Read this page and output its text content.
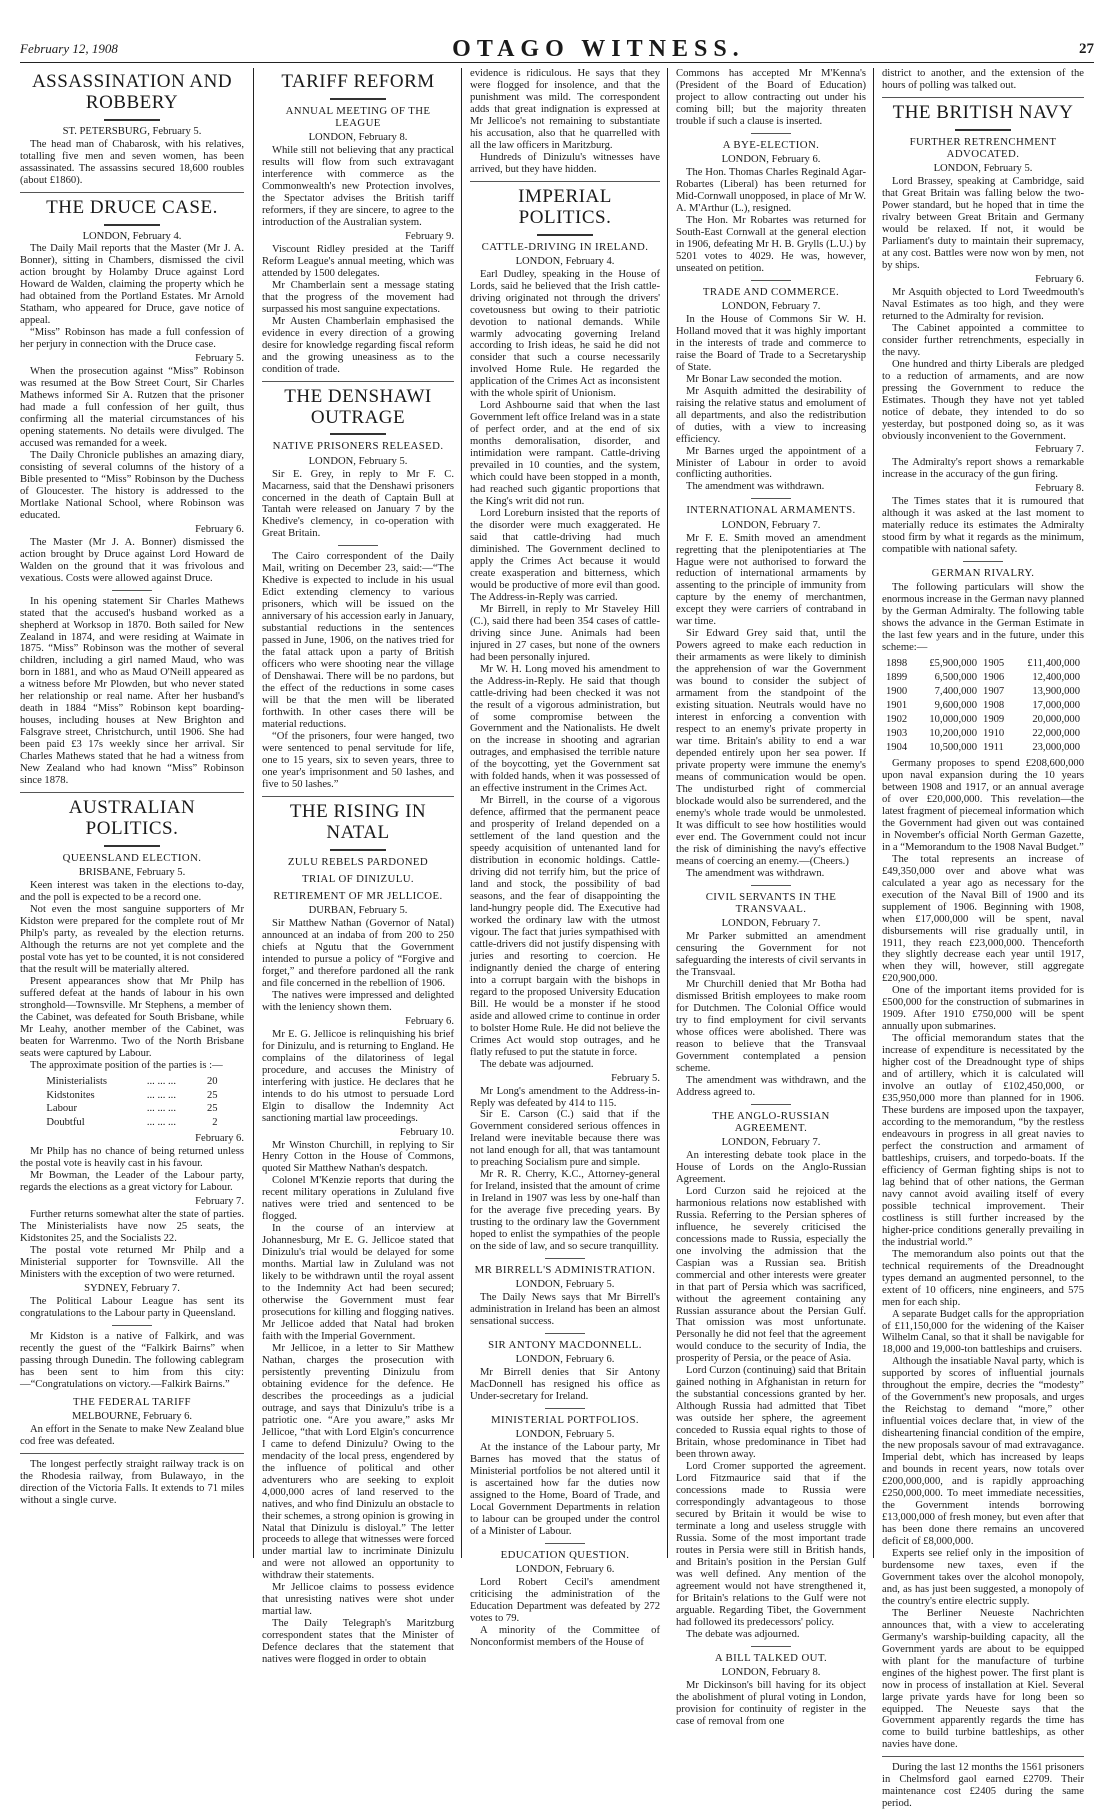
February 12, 1908	OTAGO WITNESS.	27
ASSASSINATION AND ROBBERY
ST. PETERSBURG, February 5.

The head man of Chabarosk, with his relatives, totalling five men and seven women, has been assassinated. The assassins secured 18,600 roubles (about £1860).

THE DRUCE CASE.
LONDON, February 4.

The Daily Mail reports that the Master (Mr J. A. Bonner), sitting in Chambers, dismissed the civil action brought by Holamby Druce against Lord Howard de Walden, claiming the property which he had obtained from the Portland Estates. Mr Arnold Statham, who appeared for Druce, gave notice of appeal.

“Miss” Robinson has made a full confession of her perjury in connection with the Druce case.

February 5.

When the prosecution against “Miss” Robinson was resumed at the Bow Street Court, Sir Charles Mathews informed Sir A. Rutzen that the prisoner had made a full confession of her guilt, thus confirming all the material circumstances of his opening statements. No details were divulged. The accused was remanded for a week.

The Daily Chronicle publishes an amazing diary, consisting of several columns of the history of a Bible presented to “Miss” Robinson by the Duchess of Gloucester. The history is addressed to the Mortlake National School, where Robinson was educated.

February 6.

The Master (Mr J. A. Bonner) dismissed the action brought by Druce against Lord Howard de Walden on the ground that it was frivolous and vexatious. Costs were allowed against Druce.

In his opening statement Sir Charles Mathews stated that the accused's husband worked as a shepherd at Worksop in 1870. Both sailed for New Zealand in 1874, and were residing at Waimate in 1875. “Miss” Robinson was the mother of several children, including a girl named Maud, who was born in 1881, and who as Maud O'Neill appeared as a witness before Mr Plowden, but who never stated her relationship or real name. After her husband's death in 1884 “Miss” Robinson kept boarding-houses, including houses at New Brighton and Falsgrave street, Christchurch, until 1906. She had been paid £3 17s weekly since her arrival. Sir Charles Mathews stated that he had a witness from New Zealand who had known “Miss” Robinson since 1878.

AUSTRALIAN POLITICS.
QUEENSLAND ELECTION.
BRISBANE, February 5.

Keen interest was taken in the elections to-day, and the poll is expected to be a record one.

Not even the most sanguine supporters of Mr Kidston were prepared for the complete rout of Mr Philp's party, as revealed by the election returns. Although the returns are not yet complete and the postal vote has yet to be counted, it is not considered that the result will be materially altered.

Present appearances show that Mr Philp has suffered defeat at the hands of labour in his own stronghold—Townsville. Mr Stephens, a member of the Cabinet, was defeated for South Brisbane, while Mr Leahy, another member of the Cabinet, was beaten for Warrenmo. Two of the North Brisbane seats were captured by Labour.

The approximate position of the parties is :—

Ministerialists	... ... ...	20
Kidstonites	... ... ...	25
Labour	... ... ...	25
Doubtful	... ... ...	2
February 6.

Mr Philp has no chance of being returned unless the postal vote is heavily cast in his favour.

Mr Bowman, the Leader of the Labour party, regards the elections as a great victory for Labour.

February 7.

Further returns somewhat alter the state of parties. The Ministerialists have now 25 seats, the Kidstonites 25, and the Socialists 22.

The postal vote returned Mr Philp and a Ministerial supporter for Townsville. All the Ministers with the exception of two were returned.

SYDNEY, February 7.

The Political Labour League has sent its congratulations to the Labour party in Queensland.

Mr Kidston is a native of Falkirk, and was recently the guest of the “Falkirk Bairns” when passing through Dunedin. The following cablegram has been sent to him from this city:—“Congratulations on victory.—Falkirk Bairns.”

THE FEDERAL TARIFF
MELBOURNE, February 6.

An effort in the Senate to make New Zealand blue cod free was defeated.

The longest perfectly straight railway track is on the Rhodesia railway, from Bulawayo, in the direction of the Victoria Falls. It extends to 71 miles without a single curve.

TARIFF REFORM
ANNUAL MEETING OF THE LEAGUE
LONDON, February 8.

While still not believing that any practical results will flow from such extravagant interference with commerce as the Commonwealth's new Protection involves, the Spectator advises the British tariff reformers, if they are sincere, to agree to the introduction of the Australian system.

February 9.

Viscount Ridley presided at the Tariff Reform League's annual meeting, which was attended by 1500 delegates.

Mr Chamberlain sent a message stating that the progress of the movement had surpassed his most sanguine expectations.

Mr Austen Chamberlain emphasised the evidence in every direction of a growing desire for knowledge regarding fiscal reform and the growing uneasiness as to the condition of trade.

THE DENSHAWI OUTRAGE
NATIVE PRISONERS RELEASED.
LONDON, February 5.

Sir E. Grey, in reply to Mr F. C. Macarness, said that the Denshawi prisoners concerned in the death of Captain Bull at Tantah were released on January 7 by the Khedive's clemency, in co-operation with Great Britain.

The Cairo correspondent of the Daily Mail, writing on December 23, said:—“The Khedive is expected to include in his usual Edict extending clemency to various prisoners, which will be issued on the anniversary of his accession early in January, substantial reductions in the sentences passed in June, 1906, on the natives tried for the fatal attack upon a party of British officers who were shooting near the village of Denshawai. There will be no pardons, but the effect of the reductions in some cases will be that the men will be liberated forthwith. In other cases there will be material reductions.

“Of the prisoners, four were hanged, two were sentenced to penal servitude for life, one to 15 years, six to seven years, three to one year's imprisonment and 50 lashes, and five to 50 lashes.”

THE RISING IN NATAL
ZULU REBELS PARDONED
TRIAL OF DINIZULU.
RETIREMENT OF MR JELLICOE.
DURBAN, February 5.

Sir Matthew Nathan (Governor of Natal) announced at an indaba of from 200 to 250 chiefs at Ngutu that the Government intended to pursue a policy of “Forgive and forget,” and therefore pardoned all the rank and file concerned in the rebellion of 1906.

The natives were impressed and delighted with the leniency shown them.

February 6.

Mr E. G. Jellicoe is relinquishing his brief for Dinizulu, and is returning to England. He complains of the dilatoriness of legal procedure, and accuses the Ministry of interfering with justice. He declares that he intends to do his utmost to persuade Lord Elgin to disallow the Indemnity Act sanctioning martial law proceedings.

February 10.

Mr Winston Churchill, in replying to Sir Henry Cotton in the House of Commons, quoted Sir Matthew Nathan's despatch.

Colonel M'Kenzie reports that during the recent military operations in Zululand five natives were tried and sentenced to be flogged.

In the course of an interview at Johannesburg, Mr E. G. Jellicoe stated that Dinizulu's trial would be delayed for some months. Martial law in Zululand was not likely to be withdrawn until the royal assent to the Indemnity Act had been secured; otherwise the Government must fear prosecutions for killing and flogging natives. Mr Jellicoe added that Natal had broken faith with the Imperial Government.

Mr Jellicoe, in a letter to Sir Matthew Nathan, charges the prosecution with persistently preventing Dinizulu from obtaining evidence for the defence. He describes the proceedings as a judicial outrage, and says that Dinizulu's tribe is a patriotic one. “Are you aware,” asks Mr Jellicoe, “that with Lord Elgin's concurrence I came to defend Dinizulu? Owing to the mendacity of the local press, engendered by the influence of political and other adventurers who are seeking to exploit 4,000,000 acres of land reserved to the natives, and who find Dinizulu an obstacle to their schemes, a strong opinion is growing in Natal that Dinizulu is disloyal.” The letter proceeds to allege that witnesses were forced under martial law to incriminate Dinizulu and were not allowed an opportunity to withdraw their statements.

Mr Jellicoe claims to possess evidence that unresisting natives were shot under martial law.

The Daily Telegraph's Maritzburg correspondent states that the Minister of Defence declares that the statement that natives were flogged in order to obtain

evidence is ridiculous. He says that they were flogged for insolence, and that the punishment was mild. The correspondent adds that great indignation is expressed at Mr Jellicoe's not remaining to substantiate his accusation, also that he quarrelled with all the law officers in Maritzburg.

Hundreds of Dinizulu's witnesses have arrived, but they have hidden.

IMPERIAL POLITICS.
CATTLE-DRIVING IN IRELAND.
LONDON, February 4.

Earl Dudley, speaking in the House of Lords, said he believed that the Irish cattle-driving originated not through the drivers' covetousness but owing to their patriotic devotion to national demands. While warmly advocating governing Ireland according to Irish ideas, he said he did not consider that such a course necessarily involved Home Rule. He regarded the application of the Crimes Act as inconsistent with the whole spirit of Unionism.

Lord Ashbourne said that when the last Government left office Ireland was in a state of perfect order, and at the end of six months demoralisation, disorder, and intimidation were rampant. Cattle-driving prevailed in 10 counties, and the system, which could have been stopped in a month, had reached such gigantic proportions that the King's writ did not run.

Lord Loreburn insisted that the reports of the disorder were much exaggerated. He said that cattle-driving had much diminished. The Government declined to apply the Crimes Act because it would create exasperation and bitterness, which would be productive of more evil than good. The Address-in-Reply was carried.

Mr Birrell, in reply to Mr Staveley Hill (C.), said there had been 354 cases of cattle-driving since June. Animals had been injured in 27 cases, but none of the owners had been personally injured.

Mr W. H. Long moved his amendment to the Address-in-Reply. He said that though cattle-driving had been checked it was not the result of a vigorous administration, but of some compromise between the Government and the Nationalists. He dwelt on the increase in shooting and agrarian outrages, and emphasised the terrible nature of the boycotting, yet the Government sat with folded hands, when it was possessed of an effective instrument in the Crimes Act.

Mr Birrell, in the course of a vigorous defence, affirmed that the permanent peace and prosperity of Ireland depended on a settlement of the land question and the speedy acquisition of untenanted land for distribution in economic holdings. Cattle-driving did not terrify him, but the price of land and stock, the possibility of bad seasons, and the fear of disappointing the land-hungry people did. The Executive had worked the ordinary law with the utmost vigour. The fact that juries sympathised with cattle-drivers did not justify dispensing with juries and resorting to coercion. He indignantly denied the charge of entering into a corrupt bargain with the bishops in regard to the proposed University Education Bill. He would be a monster if he stood aside and allowed crime to continue in order to bolster Home Rule. He did not believe the Crimes Act would stop outrages, and he flatly refused to put the statute in force.

The debate was adjourned.

February 5.

Mr Long's amendment to the Address-in-Reply was defeated by 414 to 115.

Sir E. Carson (C.) said that if the Government considered serious offences in Ireland were inevitable because there was not land enough for all, that was tantamount to preaching Socialism pure and simple.

Mr R. R. Cherry, K.C., Attorney-general for Ireland, insisted that the amount of crime in Ireland in 1907 was less by one-half than for the average five preceding years. By trusting to the ordinary law the Government hoped to enlist the sympathies of the people on the side of law, and so secure tranquillity.

MR BIRRELL'S ADMINISTRATION.
LONDON, February 5.

The Daily News says that Mr Birrell's administration in Ireland has been an almost sensational success.

SIR ANTONY MACDONNELL.
LONDON, February 6.

Mr Birrell denies that Sir Antony MacDonnell has resigned his office as Under-secretary for Ireland.

MINISTERIAL PORTFOLIOS.
LONDON, February 5.

At the instance of the Labour party, Mr Barnes has moved that the status of Ministerial portfolios be not altered until it is ascertained how far the duties now assigned to the Home, Board of Trade, and Local Government Departments in relation to labour can be grouped under the control of a Minister of Labour.

EDUCATION QUESTION.
LONDON, February 6.

Lord Robert Cecil's amendment criticising the administration of the Education Department was defeated by 272 votes to 79.

A minority of the Committee of Nonconformist members of the House of

Commons has accepted Mr M'Kenna's (President of the Board of Education) project to allow contracting out under his coming bill; but the majority threaten trouble if such a clause is inserted.

A BYE-ELECTION.
LONDON, February 6.

The Hon. Thomas Charles Reginald Agar-Robartes (Liberal) has been returned for Mid-Cornwall unopposed, in place of Mr W. A. M'Arthur (L.), resigned.

The Hon. Mr Robartes was returned for South-East Cornwall at the general election in 1906, defeating Mr H. B. Grylls (L.U.) by 5201 votes to 4029. He was, however, unseated on petition.

TRADE AND COMMERCE.
LONDON, February 7.

In the House of Commons Sir W. H. Holland moved that it was highly important in the interests of trade and commerce to raise the Board of Trade to a Secretaryship of State.

Mr Bonar Law seconded the motion.

Mr Asquith admitted the desirability of raising the relative status and emolument of all departments, and also the redistribution of duties, with a view to increasing efficiency.

Mr Barnes urged the appointment of a Minister of Labour in order to avoid conflicting authorities.

The amendment was withdrawn.

INTERNATIONAL ARMAMENTS.
LONDON, February 7.

Mr F. E. Smith moved an amendment regretting that the plenipotentiaries at The Hague were not authorised to forward the reduction of international armaments by assenting to the principle of immunity from capture by the enemy of merchantmen, except they were carriers of contraband in war time.

Sir Edward Grey said that, until the Powers agreed to make each reduction in their armaments as were likely to diminish the apprehension of war the Government was bound to consider the subject of armament from the standpoint of the existing situation. Neutrals would have no interest in enforcing a convention with respect to an enemy's private property in war time. Britain's ability to end a war depended entirely upon her sea power. If private property were immune the enemy's means of communication would be open. The undisturbed right of commercial blockade would also be surrendered, and the enemy's whole trade would be unmolested. It was difficult to see how hostilities would ever end. The Government could not incur the risk of diminishing the navy's effective means of coercing an enemy.—(Cheers.)

The amendment was withdrawn.

CIVIL SERVANTS IN THE TRANSVAAL.
LONDON, February 7.

Mr Parker submitted an amendment censuring the Government for not safeguarding the interests of civil servants in the Transvaal.

Mr Churchill denied that Mr Botha had dismissed British employees to make room for Dutchmen. The Colonial Office would try to find employment for civil servants whose offices were abolished. There was reason to believe that the Transvaal Government contemplated a pension scheme.

The amendment was withdrawn, and the Address agreed to.

THE ANGLO-RUSSIAN AGREEMENT.
LONDON, February 7.

An interesting debate took place in the House of Lords on the Anglo-Russian Agreement.

Lord Curzon said he rejoiced at the harmonious relations now established with Russia. Referring to the Persian spheres of influence, he severely criticised the concessions made to Russia, especially the one involving the admission that the Caspian was a Russian sea. British commercial and other interests were greater in that part of Persia which was sacrificed, without the agreement containing any Russian assurance about the Persian Gulf. That omission was most unfortunate. Personally he did not feel that the agreement would conduce to the security of India, the prosperity of Persia, or the peace of Asia.

Lord Curzon (continuing) said that Britain gained nothing in Afghanistan in return for the substantial concessions granted by her. Although Russia had admitted that Tibet was outside her sphere, the agreement conceded to Russia equal rights to those of Britain, whose predominance in Tibet had been thrown away.

Lord Cromer supported the agreement. Lord Fitzmaurice said that if the concessions made to Russia were correspondingly advantageous to those secured by Britain it would be wise to terminate a long and useless struggle with Russia. Some of the most important trade routes in Persia were still in British hands, and Britain's position in the Persian Gulf was well defined. Any mention of the agreement would not have strengthened it, for Britain's relations to the Gulf were not arguable. Regarding Tibet, the Government had followed its predecessors' policy.

The debate was adjourned.

A BILL TALKED OUT.
LONDON, February 8.

Mr Dickinson's bill having for its object the abolishment of plural voting in London, provision for continuity of register in the case of removal from one

district to another, and the extension of the hours of polling was talked out.

THE BRITISH NAVY
FURTHER RETRENCHMENT ADVOCATED.
LONDON, February 5.

Lord Brassey, speaking at Cambridge, said that Great Britain was falling below the two-Power standard, but he hoped that in time the rivalry between Great Britain and Germany would be relaxed. If not, it would be Parliament's duty to maintain their supremacy, at any cost. Battles were now won by men, not by ships.

February 6.

Mr Asquith objected to Lord Tweedmouth's Naval Estimates as too high, and they were returned to the Admiralty for revision.

The Cabinet appointed a committee to consider further retrenchments, especially in the navy.

One hundred and thirty Liberals are pledged to a reduction of armaments, and are now pressing the Government to reduce the Estimates. Though they have not yet tabled notice of debate, they intended to do so yesterday, but postponed doing so, as it was obviously inconvenient to the Government.

February 7.

The Admiralty's report shows a remarkable increase in the accuracy of the gun firing.

February 8.

The Times states that it is rumoured that although it was asked at the last moment to materially reduce its estimates the Admiralty stood firm by what it regards as the minimum, compatible with national safety.

GERMAN RIVALRY.

The following particulars will show the enormous increase in the German navy planned by the German Admiralty. The following table shows the advance in the German Estimate in the last few years and in the future, under this scheme:—

1898	£5,900,000	1905	£11,400,000
1899	6,500,000	1906	12,400,000
1900	7,400,000	1907	13,900,000
1901	9,600,000	1908	17,000,000
1902	10,000,000	1909	20,000,000
1903	10,200,000	1910	22,000,000
1904	10,500,000	1911	23,000,000

Germany proposes to spend £208,600,000 upon naval expansion during the 10 years between 1908 and 1917, or an annual average of over £20,000,000. This revelation—the latest fragment of piecemeal information which the Government had given out was contained in November's official North German Gazette, in a “Memorandum to the 1908 Naval Budget.”

The total represents an increase of £49,350,000 over and above what was calculated a year ago as necessary for the execution of the Naval Bill of 1900 and its supplement of 1906. Beginning with 1908, when £17,000,000 will be spent, naval disbursements will rise gradually until, in 1911, they reach £23,000,000. Thenceforth they slightly decrease each year until 1917, when they will, however, still aggregate £20,900,000.

One of the important items provided for is £500,000 for the construction of submarines in 1909. After 1910 £750,000 will be spent annually upon submarines.

The official memorandum states that the increase of expenditure is necessitated by the higher cost of the Dreadnought type of ships and of artillery, which it is calculated will involve an outlay of £102,450,000, or £35,950,000 more than planned for in 1906. These burdens are imposed upon the taxpayer, according to the memorandum, “by the restless endeavours in progress in all great navies to perfect the construction and armament of battleships, cruisers, and torpedo-boats. If the efficiency of German fighting ships is not to lag behind that of other nations, the German navy cannot avoid availing itself of every possible technical improvement. Their costliness is still further increased by the higher-price conditions generally prevailing in the industrial world.”

The memorandum also points out that the technical requirements of the Dreadnought types demand an augmented personnel, to the extent of 10 officers, nine engineers, and 575 men for each ship.

A separate Budget calls for the appropriation of £11,150,000 for the widening of the Kaiser Wilhelm Canal, so that it shall be navigable for 18,000 and 19,000-ton battleships and cruisers.

Although the insatiable Naval party, which is supported by scores of influential journals throughout the empire, decries the “modesty” of the Government's new proposals, and urges the Reichstag to demand “more,” other influential voices declare that, in view of the disheartening financial condition of the empire, the new proposals savour of mad extravagance. Imperial debt, which has increased by leaps and bounds in recent years, now totals over £200,000,000, and is rapidly approaching £250,000,000. To meet immediate necessities, the Government intends borrowing £13,000,000 of fresh money, but even after that has been done there remains an uncovered deficit of £8,000,000.

Experts see relief only in the imposition of burdensome new taxes, even if the Government takes over the alcohol monopoly, and, as has just been suggested, a monopoly of the country's entire electric supply.

The Berliner Neueste Nachrichten announces that, with a view to accelerating Germany's warship-building capacity, all the Government yards are about to be equipped with plant for the manufacture of turbine engines of the highest power. The first plant is now in process of installation at Kiel. Several large private yards have for long been so equipped. The Neueste says that the Government apparently regards the time has come to build turbine battleships, as other navies have done.

During the last 12 months the 1561 prisoners in Chelmsford gaol earned £2709. Their maintenance cost £2405 during the same period.
